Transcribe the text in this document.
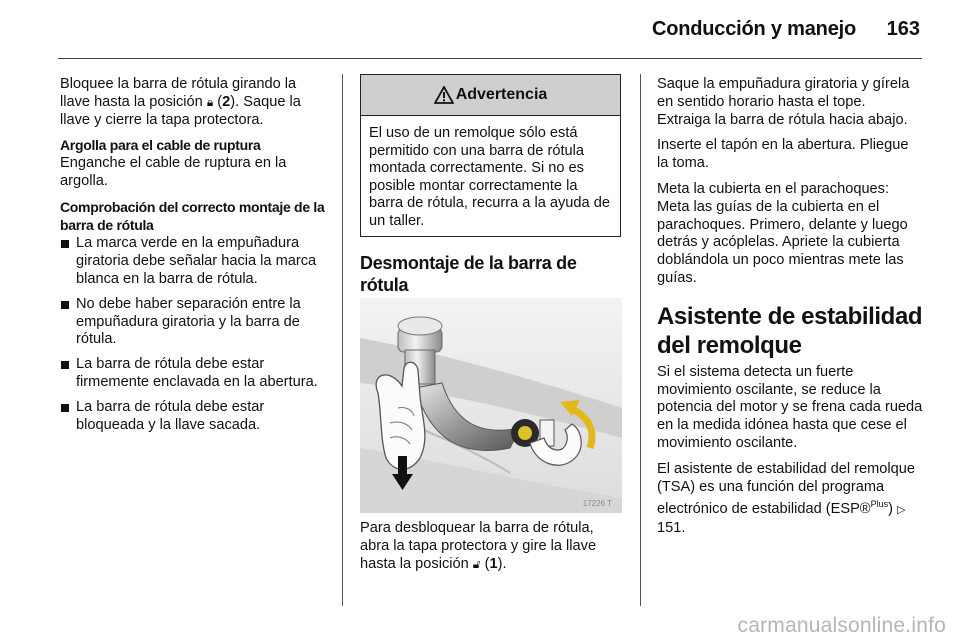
Conducción y manejo 163

Bloquee la barra de rótula girando la llave hasta la posición 🔒︎ (2). Saque la llave y cierre la tapa protectora.

Argolla para el cable de ruptura

Enganche el cable de ruptura en la argolla.

Comprobación del correcto montaje de la barra de rótula
La marca verde en la empuñadura giratoria debe señalar hacia la marca blanca en la barra de rótula.
No debe haber separación entre la empuñadura giratoria y la barra de rótula.
La barra de rótula debe estar firmemente enclavada en la abertura.
La barra de rótula debe estar bloqueada y la llave sacada.
Advertencia
El uso de un remolque sólo está permitido con una barra de rótula montada correctamente. Si no es posible montar correctamente la barra de rótula, recurra a la ayuda de un taller.
Desmontaje de la barra de rótula
17226 T
Para desbloquear la barra de rótula, abra la tapa protectora y gire la llave hasta la posición 🔓︎ (1).

Saque la empuñadura giratoria y gírela en sentido horario hasta el tope. Extraiga la barra de rótula hacia abajo.

Inserte el tapón en la abertura. Pliegue la toma.

Meta la cubierta en el parachoques: Meta las guías de la cubierta en el parachoques. Primero, delante y luego detrás y acóplelas. Apriete la cubierta doblándola un poco mientras mete las guías.

Asistente de estabilidad del remolque

Si el sistema detecta un fuerte movimiento oscilante, se reduce la potencia del motor y se frena cada rueda en la medida idónea hasta que cese el movimiento oscilante.

El asistente de estabilidad del remolque (TSA) es una función del programa electrónico de estabilidad (ESP®$^{Plus}$) ▷ 151.

carmanualsonline.info
